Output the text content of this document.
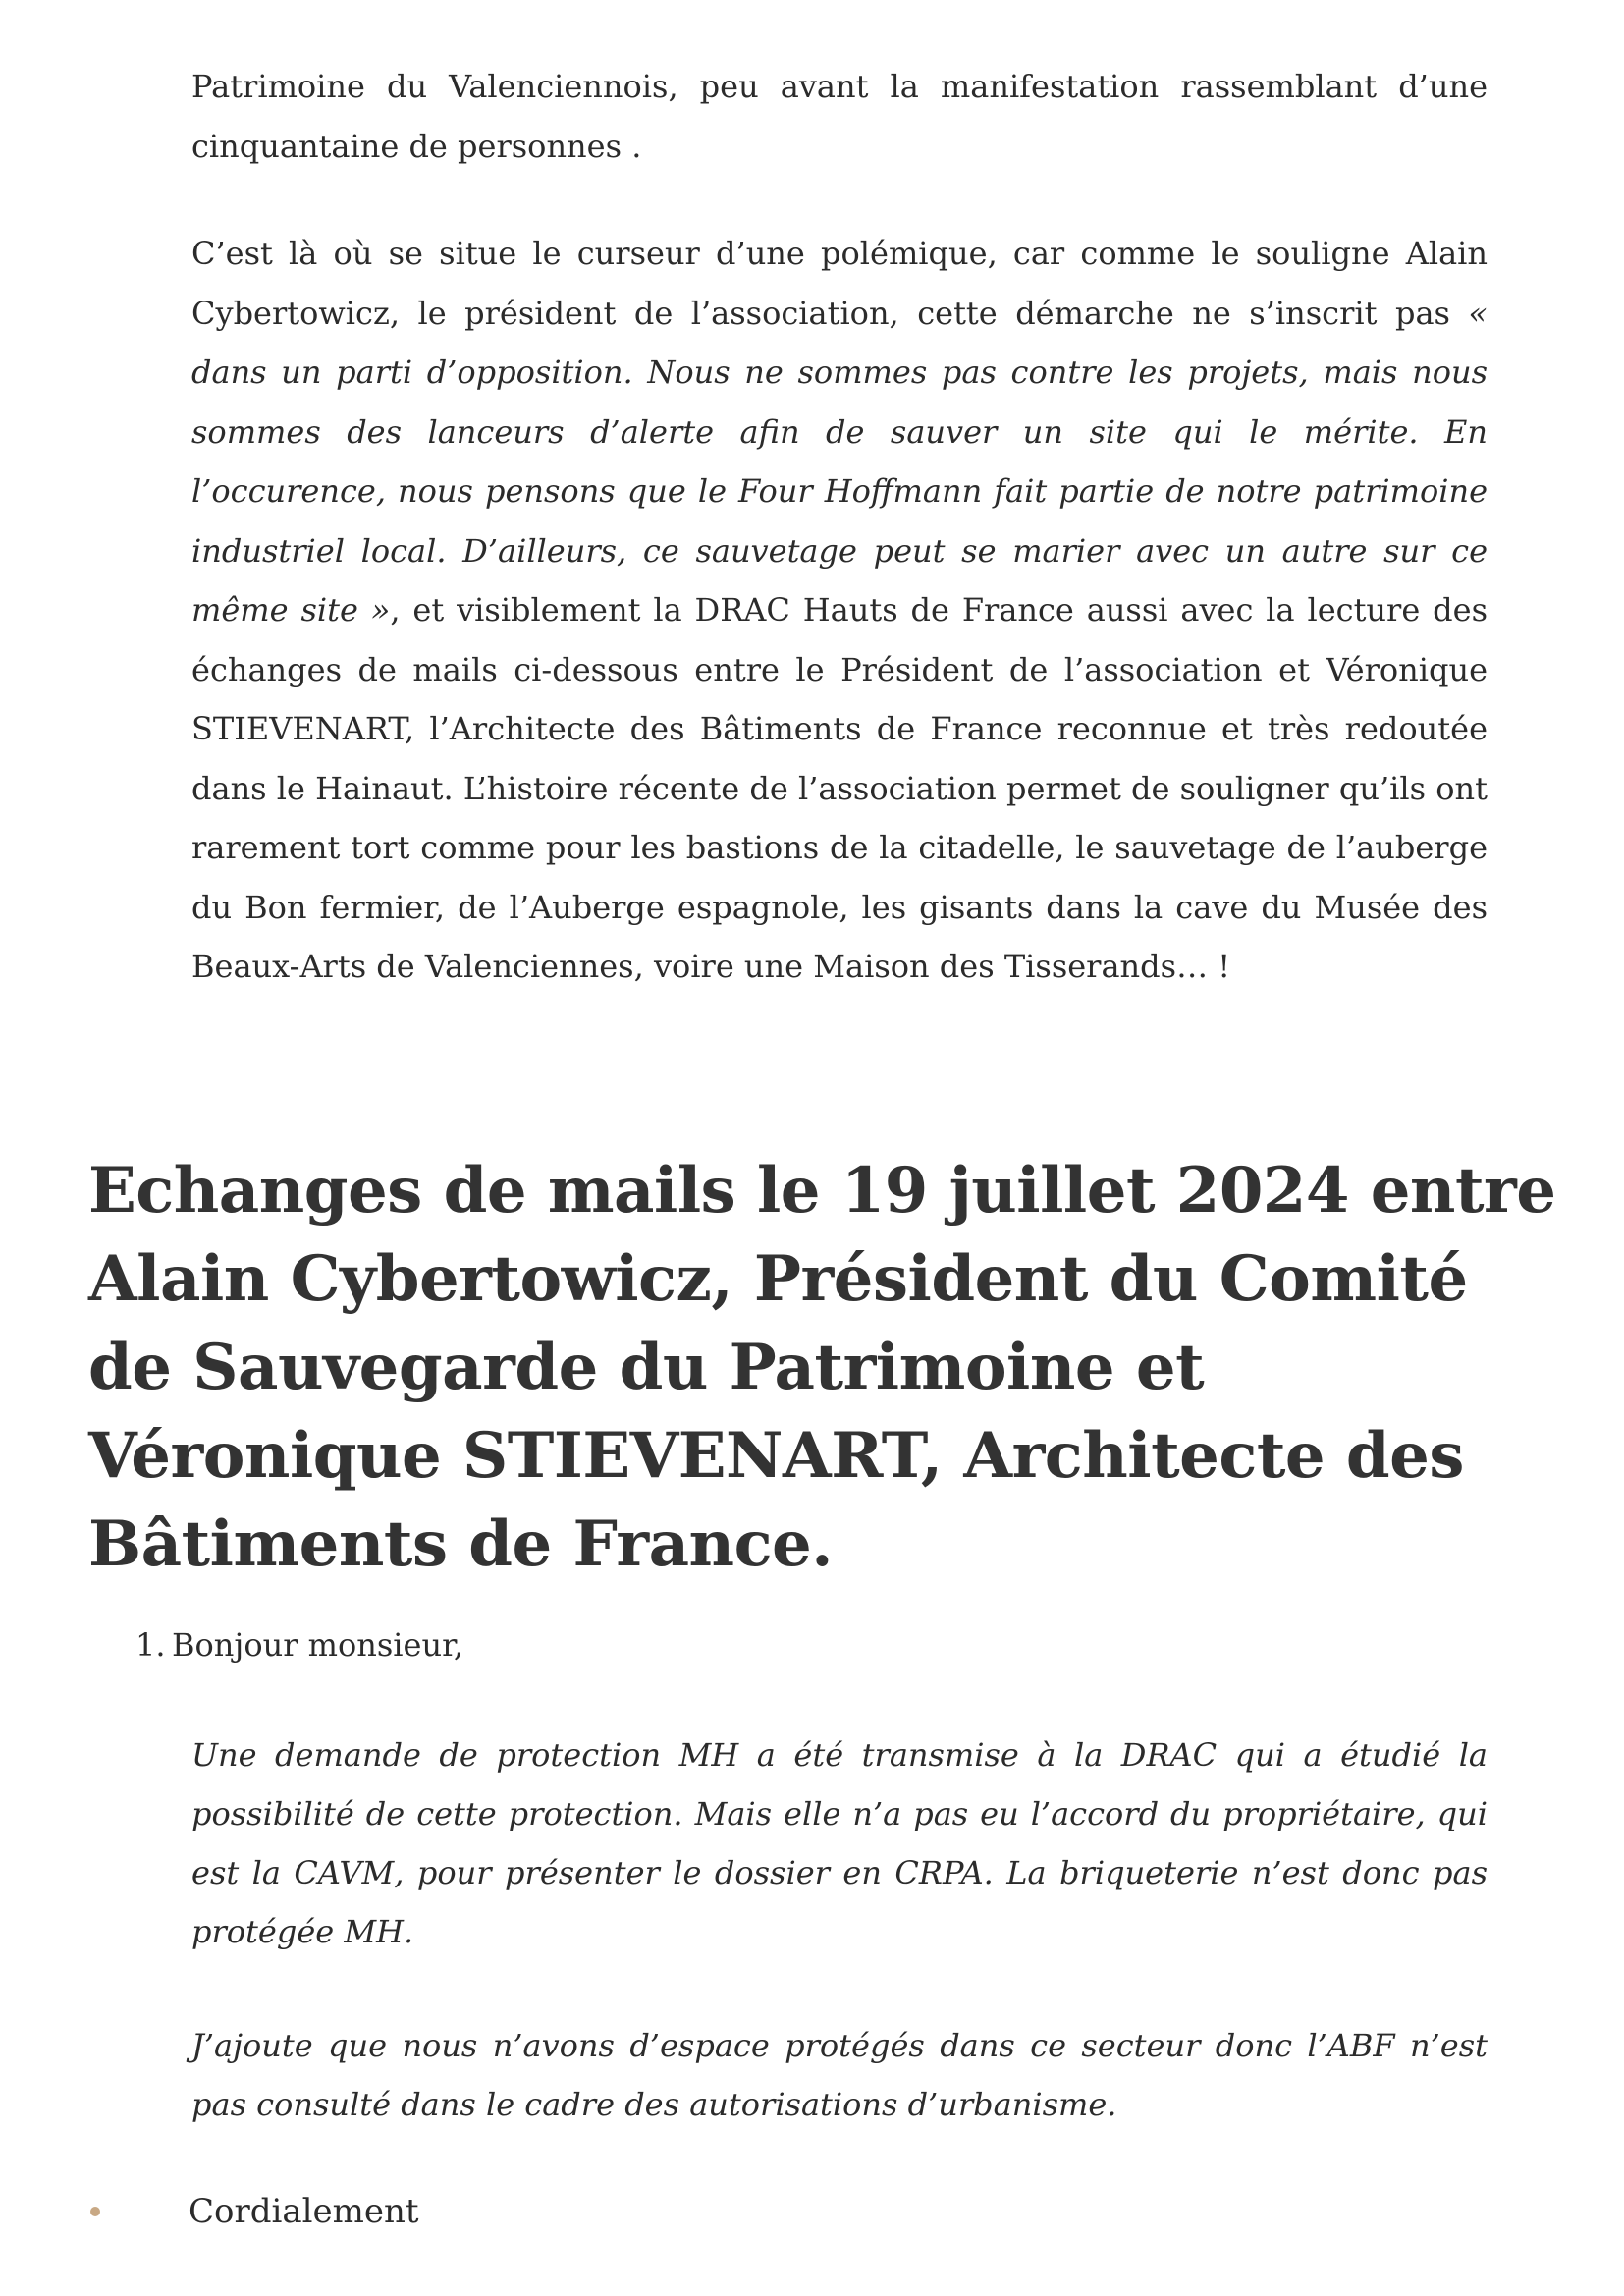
Patrimoine du Valenciennois, peu avant la manifestation rassemblant d’une cinquantaine de personnes .

C’est là où se situe le curseur d’une polémique, car comme le souligne Alain Cybertowicz, le président de l’association, cette démarche ne s’inscrit pas « dans un parti d’opposition. Nous ne sommes pas contre les projets, mais nous sommes des lanceurs d’alerte afin de sauver un site qui le mérite. En l’occurence, nous pensons que le Four Hoffmann fait partie de notre patrimoine industriel local. D’ailleurs, ce sauvetage peut se marier avec un autre sur ce même site », et visiblement la DRAC Hauts de France aussi avec la lecture des échanges de mails ci-dessous entre le Président de l’association et Véronique STIEVENART, l’Architecte des Bâtiments de France reconnue et très redoutée dans le Hainaut. L’histoire récente de l’association permet de souligner qu’ils ont rarement tort comme pour les bastions de la citadelle, le sauvetage de l’auberge du Bon fermier, de l’Auberge espagnole, les gisants dans la cave du Musée des Beaux-Arts de Valenciennes, voire une Maison des Tisserands… !

Echanges de mails le 19 juillet 2024 entre Alain Cybertowicz, Président du Comité de Sauvegarde du Patrimoine et Véronique STIEVENART, Architecte des Bâtiments de France.
1. Bonjour monsieur,

Une demande de protection MH a été transmise à la DRAC qui a étudié la possibilité de cette protection. Mais elle n’a pas eu l’accord du propriétaire, qui est la CAVM, pour présenter le dossier en CRPA. La briqueterie n’est donc pas protégée MH.

J’ajoute que nous n’avons d’espace protégés dans ce secteur donc l’ABF n’est pas consulté dans le cadre des autorisations d’urbanisme.

Cordialement
